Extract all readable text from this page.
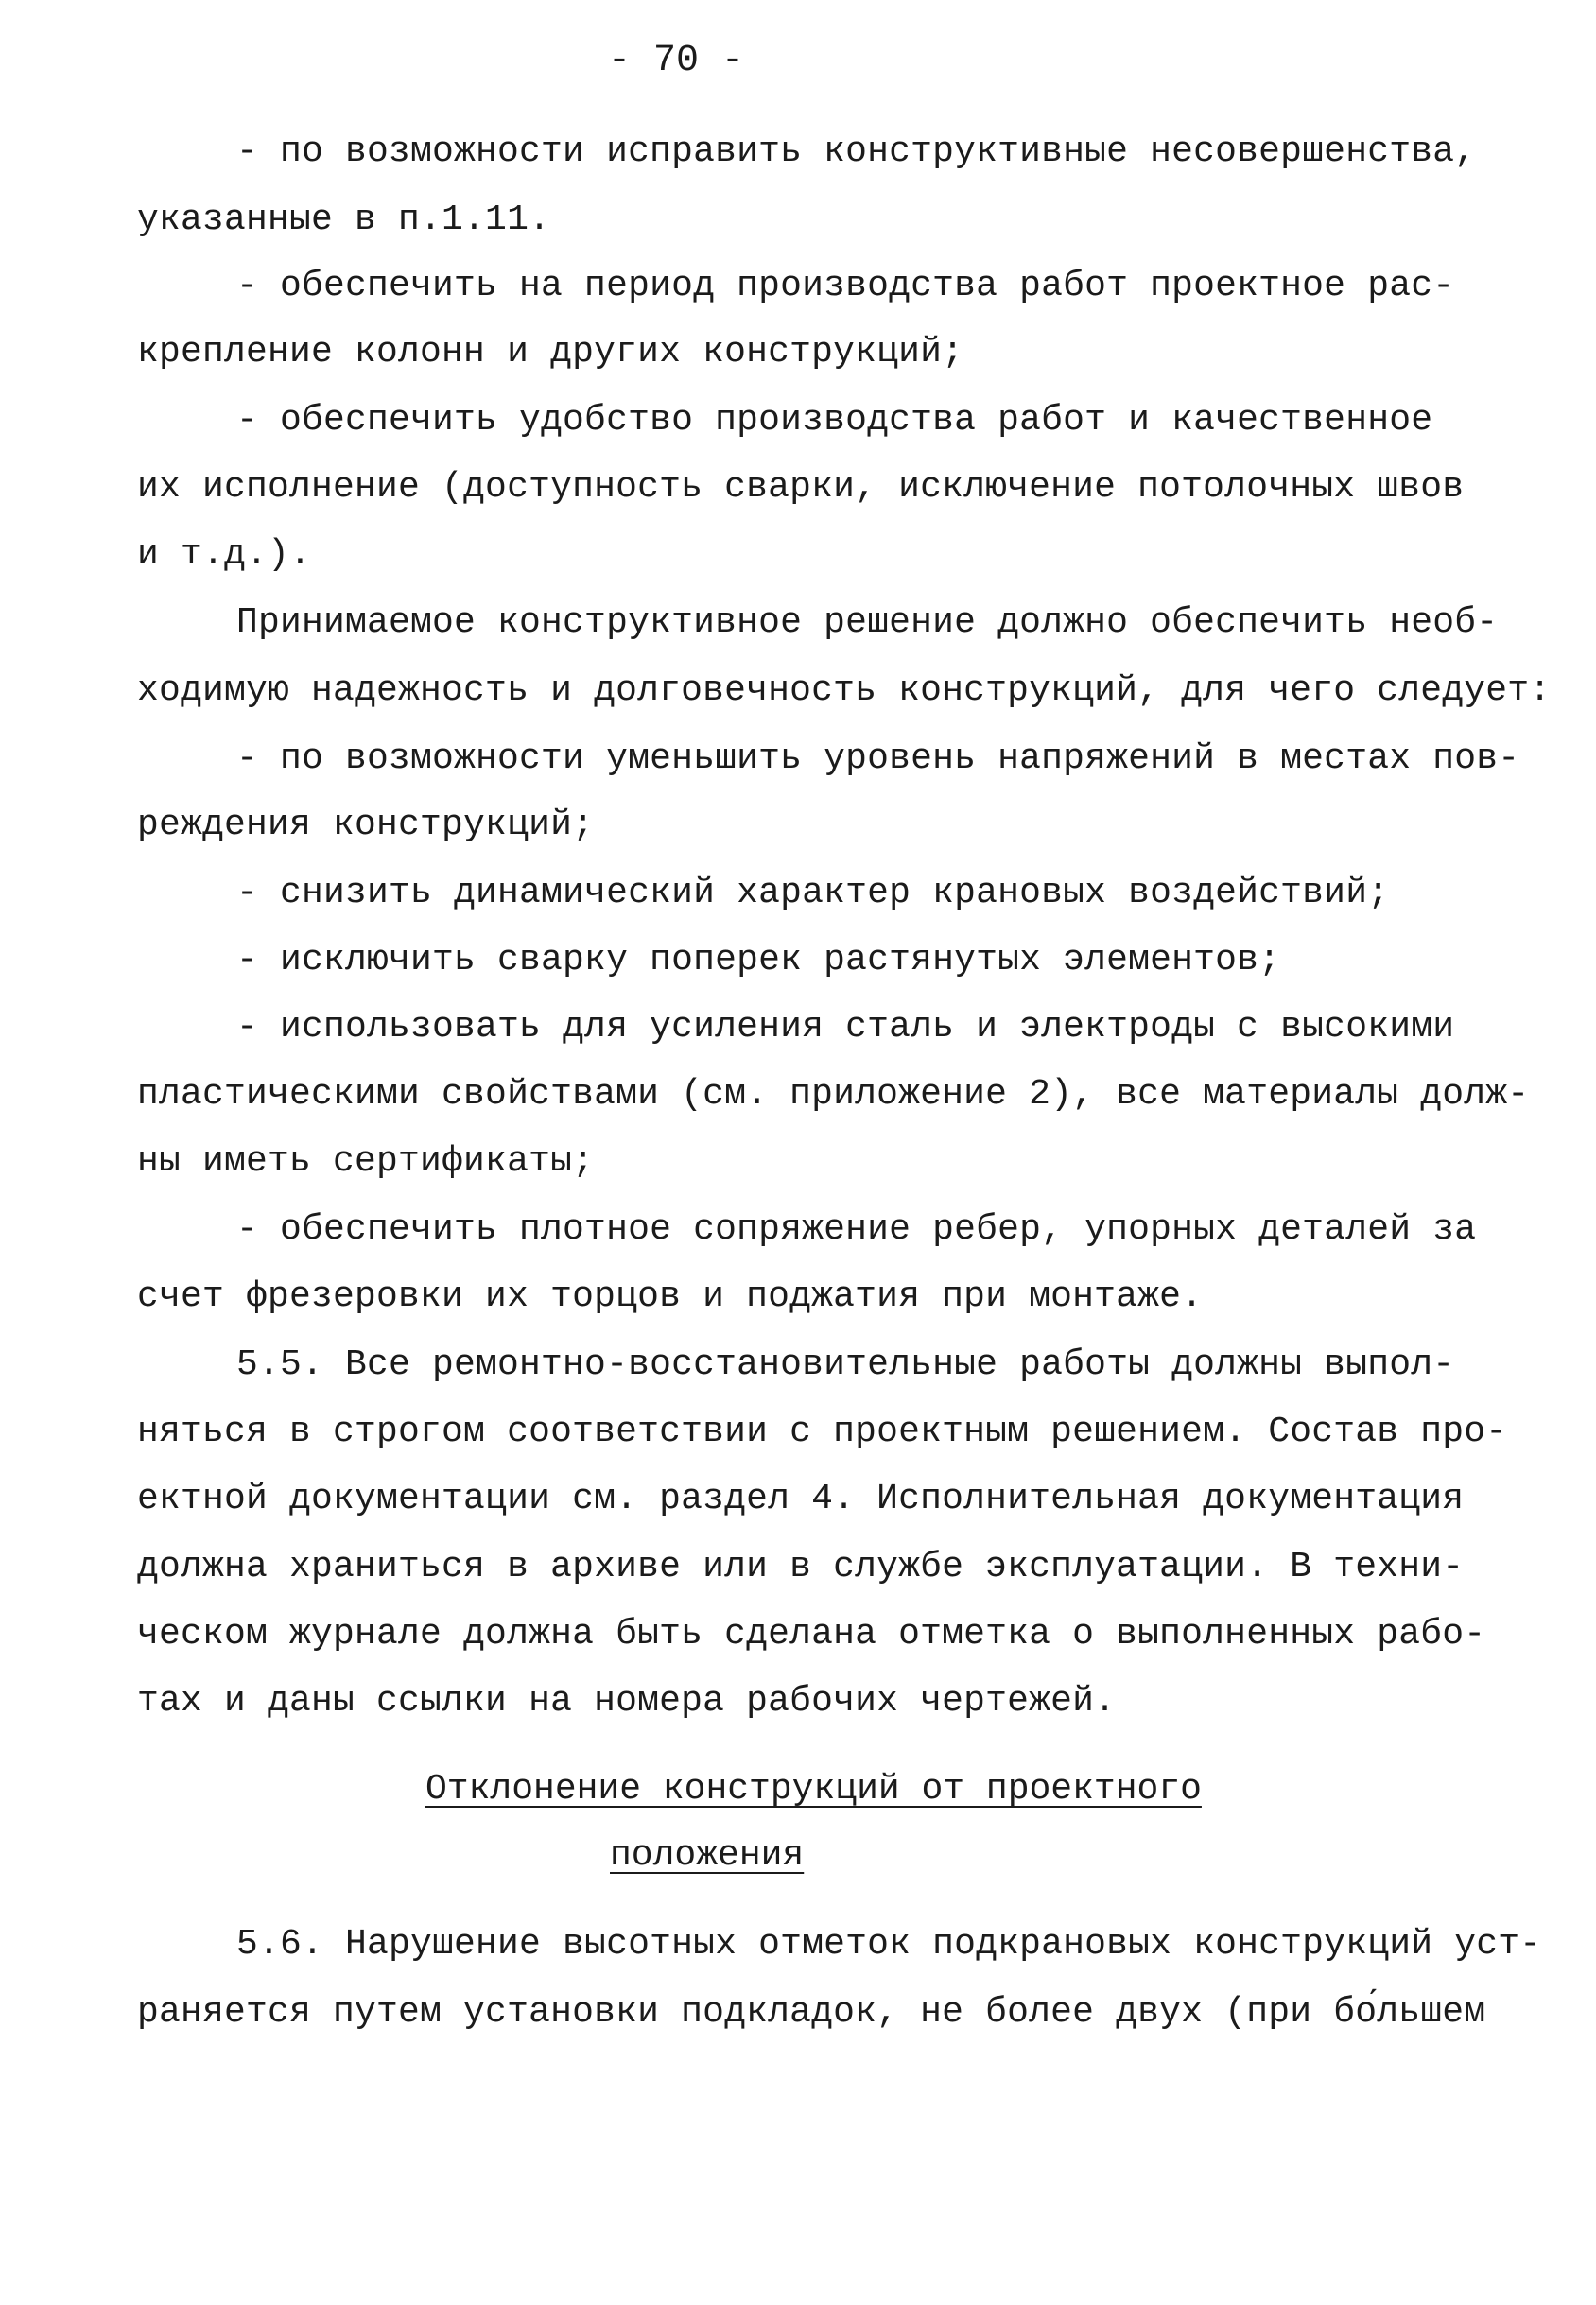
- 70 -
- по возможности исправить конструктивные несовершенства,
указанные в п.1.11.
- обеспечить на период производства работ проектное рас-
крепление колонн и других конструкций;
- обеспечить удобство производства работ и качественное
их исполнение (доступность сварки, исключение потолочных швов
и т.д.).
Принимаемое конструктивное решение должно обеспечить необ-
ходимую надежность и долговечность конструкций, для чего следует:
- по возможности уменьшить уровень напряжений в местах пов-
реждения конструкций;
- снизить динамический характер крановых воздействий;
- исключить сварку поперек растянутых элементов;
- использовать для усиления сталь и электроды с высокими
пластическими свойствами (см. приложение 2), все материалы долж-
ны иметь сертификаты;
- обеспечить плотное сопряжение ребер, упорных деталей за
счет фрезеровки их торцов и поджатия при монтаже.
5.5. Все ремонтно-восстановительные работы должны выпол-
няться в строгом соответствии с проектным решением. Состав про-
ектной документации см. раздел 4. Исполнительная документация
должна храниться в архиве или в службе эксплуатации. В техни-
ческом журнале должна быть сделана отметка о выполненных рабо-
тах и даны ссылки на номера рабочих чертежей.
Отклонение конструкций от проектного
положения
5.6. Нарушение высотных отметок подкрановых конструкций уст-
раняется путем установки подкладок, не более двух (при бо́льшем
